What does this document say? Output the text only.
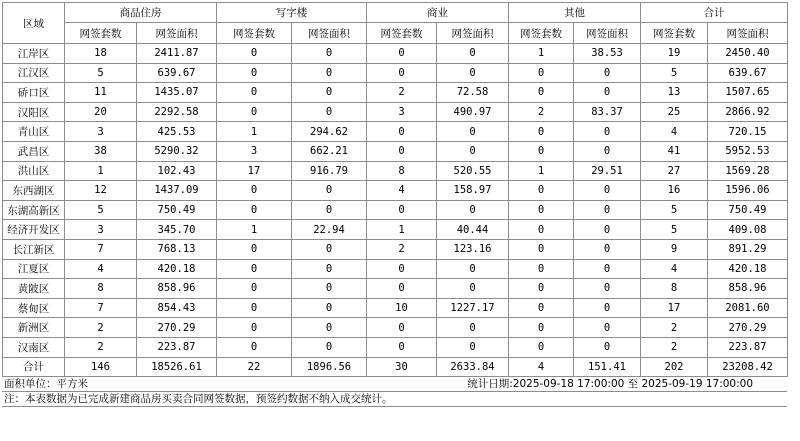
区域	商品住房		写字楼		商业		其他		合计	
	网签套数	网签面积	网签套数	网签面积	网签套数	网签面积	网签套数	网签面积	网签套数	网签面积
江岸区	18	2411.87	0	0	0	0	1	38.53	19	2450.40
江汉区	5	639.67	0	0	0	0	0	0	5	639.67
硚口区	11	1435.07	0	0	2	72.58	0	0	13	1507.65
汉阳区	20	2292.58	0	0	3	490.97	2	83.37	25	2866.92
青山区	3	425.53	1	294.62	0	0	0	0	4	720.15
武昌区	38	5290.32	3	662.21	0	0	0	0	41	5952.53
洪山区	1	102.43	17	916.79	8	520.55	1	29.51	27	1569.28
东西湖区	12	1437.09	0	0	4	158.97	0	0	16	1596.06
东湖高新区	5	750.49	0	0	0	0	0	0	5	750.49
经济开发区	3	345.70	1	22.94	1	40.44	0	0	5	409.08
长江新区	7	768.13	0	0	2	123.16	0	0	9	891.29
江夏区	4	420.18	0	0	0	0	0	0	4	420.18
黄陂区	8	858.96	0	0	0	0	0	0	8	858.96
蔡甸区	7	854.43	0	0	10	1227.17	0	0	17	2081.60
新洲区	2	270.29	0	0	0	0	0	0	2	270.29
汉南区	2	223.87	0	0	0	0	0	0	2	223.87
合计	146	18526.61	22	1896.56	30	2633.84	4	151.41	202	23208.42
面积单位：平方米	统计日期:2025-09-18 17:00:00 至 2025-09-19 17:00:00
注：本表数据为已完成新建商品房买卖合同网签数据，预签约数据不纳入成交统计。
